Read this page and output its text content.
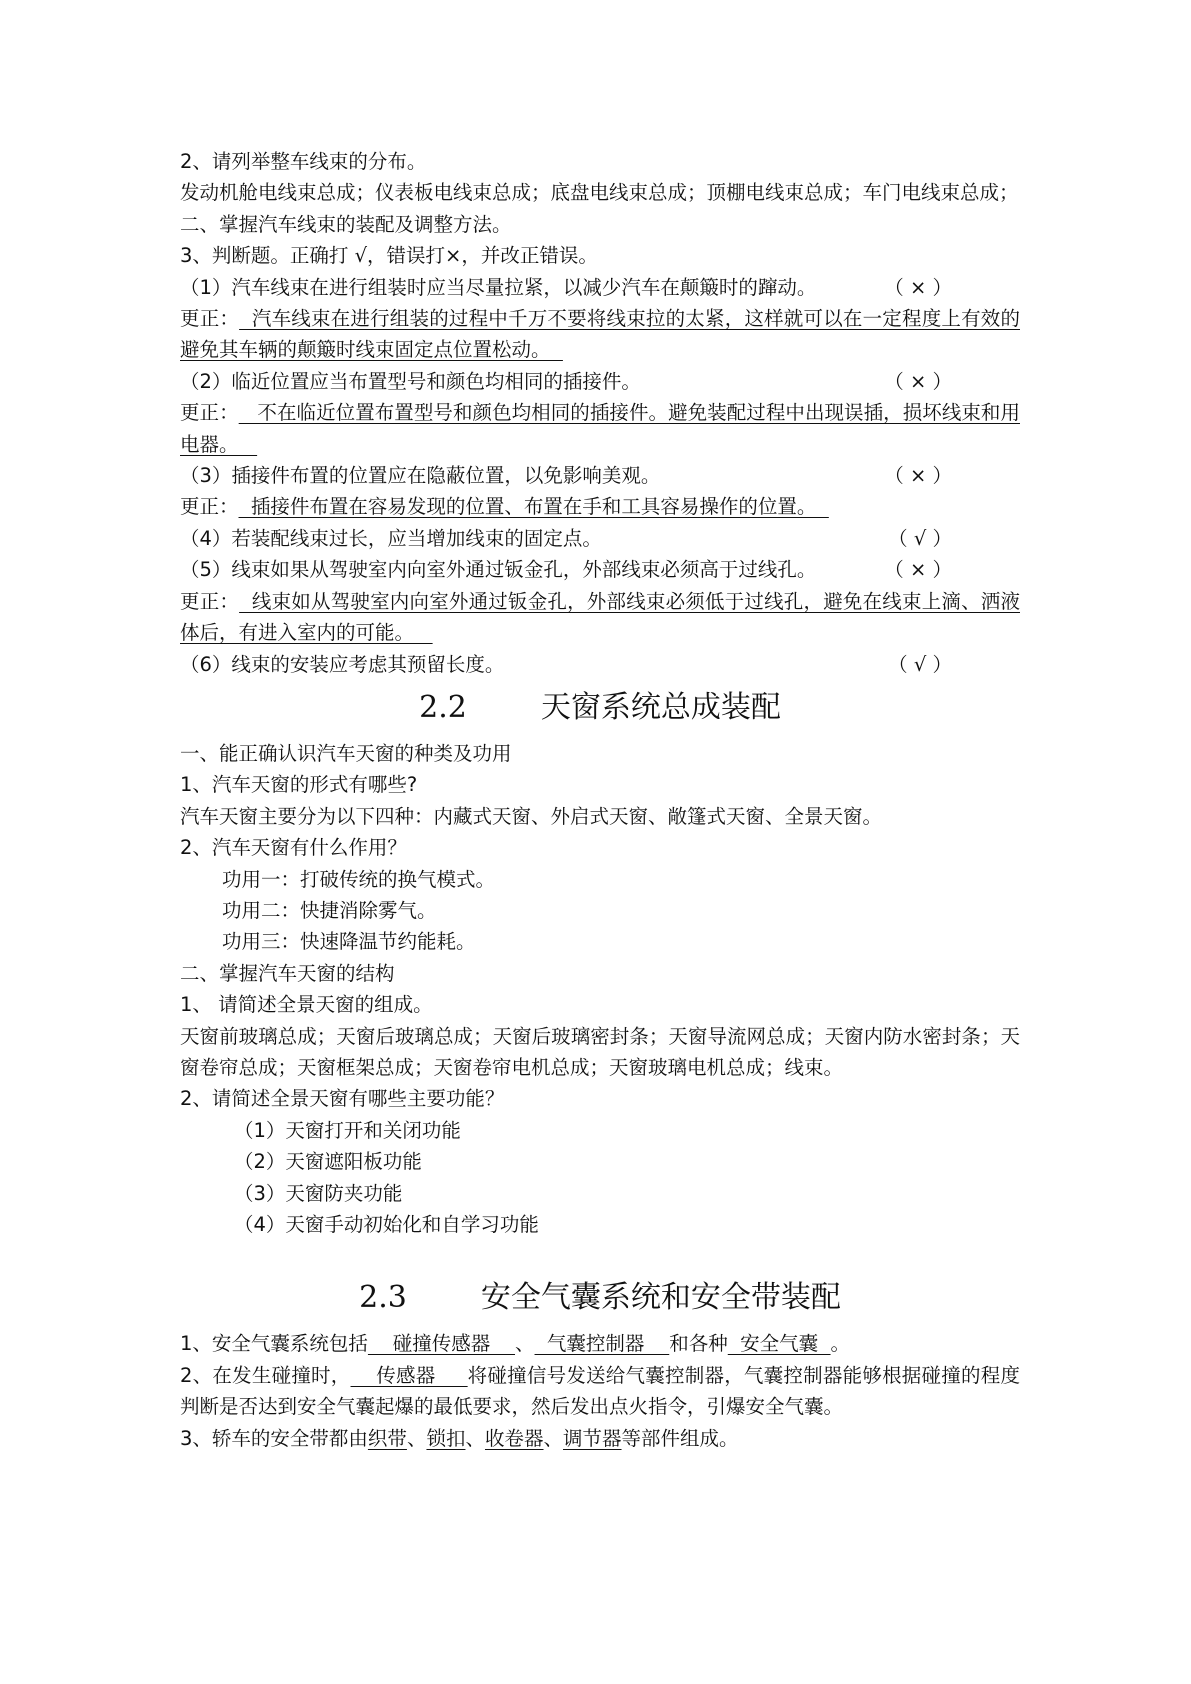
2、请列举整车线束的分布。
发动机舱电线束总成；仪表板电线束总成；底盘电线束总成；顶棚电线束总成；车门电线束总成；
二、掌握汽车线束的装配及调整方法。
3、判断题。正确打 √，错误打×，并改正错误。
（1）汽车线束在进行组装时应当尽量拉紧，以减少汽车在颠簸时的蹿动。	（ × ）
更正：  汽车线束在进行组装的过程中千万不要将线束拉的太紧，这样就可以在一定程度上有效的避免其车辆的颠簸时线束固定点位置松动。
（2）临近位置应当布置型号和颜色均相同的插接件。	（ × ）
更正：   不在临近位置布置型号和颜色均相同的插接件。避免装配过程中出现误插，损坏线束和用电器。
（3）插接件布置的位置应在隐蔽位置，以免影响美观。	（ × ）
更正：  插接件布置在容易发现的位置、布置在手和工具容易操作的位置。
（4）若装配线束过长，应当增加线束的固定点。	（ √ ）
（5）线束如果从驾驶室内向室外通过钣金孔，外部线束必须高于过线孔。	（ × ）
更正：  线束如从驾驶室内向室外通过钣金孔，外部线束必须低于过线孔，避免在线束上滴、洒液体后，有进入室内的可能。
（6）线束的安装应考虑其预留长度。	（ √ ）
2.2 天窗系统总成装配
一、能正确认识汽车天窗的种类及功用
1、汽车天窗的形式有哪些?
汽车天窗主要分为以下四种：内藏式天窗、外启式天窗、敞篷式天窗、全景天窗。
2、汽车天窗有什么作用？
功用一：打破传统的换气模式。
功用二：快捷消除雾气。
功用三：快速降温节约能耗。
二、掌握汽车天窗的结构
1、 请简述全景天窗的组成。
天窗前玻璃总成；天窗后玻璃总成；天窗后玻璃密封条；天窗导流网总成；天窗内防水密封条；天窗卷帘总成；天窗框架总成；天窗卷帘电机总成；天窗玻璃电机总成；线束。
2、请简述全景天窗有哪些主要功能？
（1）天窗打开和关闭功能
（2）天窗遮阳板功能
（3）天窗防夹功能
（4）天窗手动初始化和自学习功能
2.3 安全气囊系统和安全带装配
1、安全气囊系统包括    碰撞传感器    、  气囊控制器    和各种  安全气囊  。
2、在发生碰撞时，    传感器     将碰撞信号发送给气囊控制器，气囊控制器能够根据碰撞的程度判断是否达到安全气囊起爆的最低要求，然后发出点火指令，引爆安全气囊。
3、轿车的安全带都由织带、锁扣、收卷器、调节器等部件组成。
